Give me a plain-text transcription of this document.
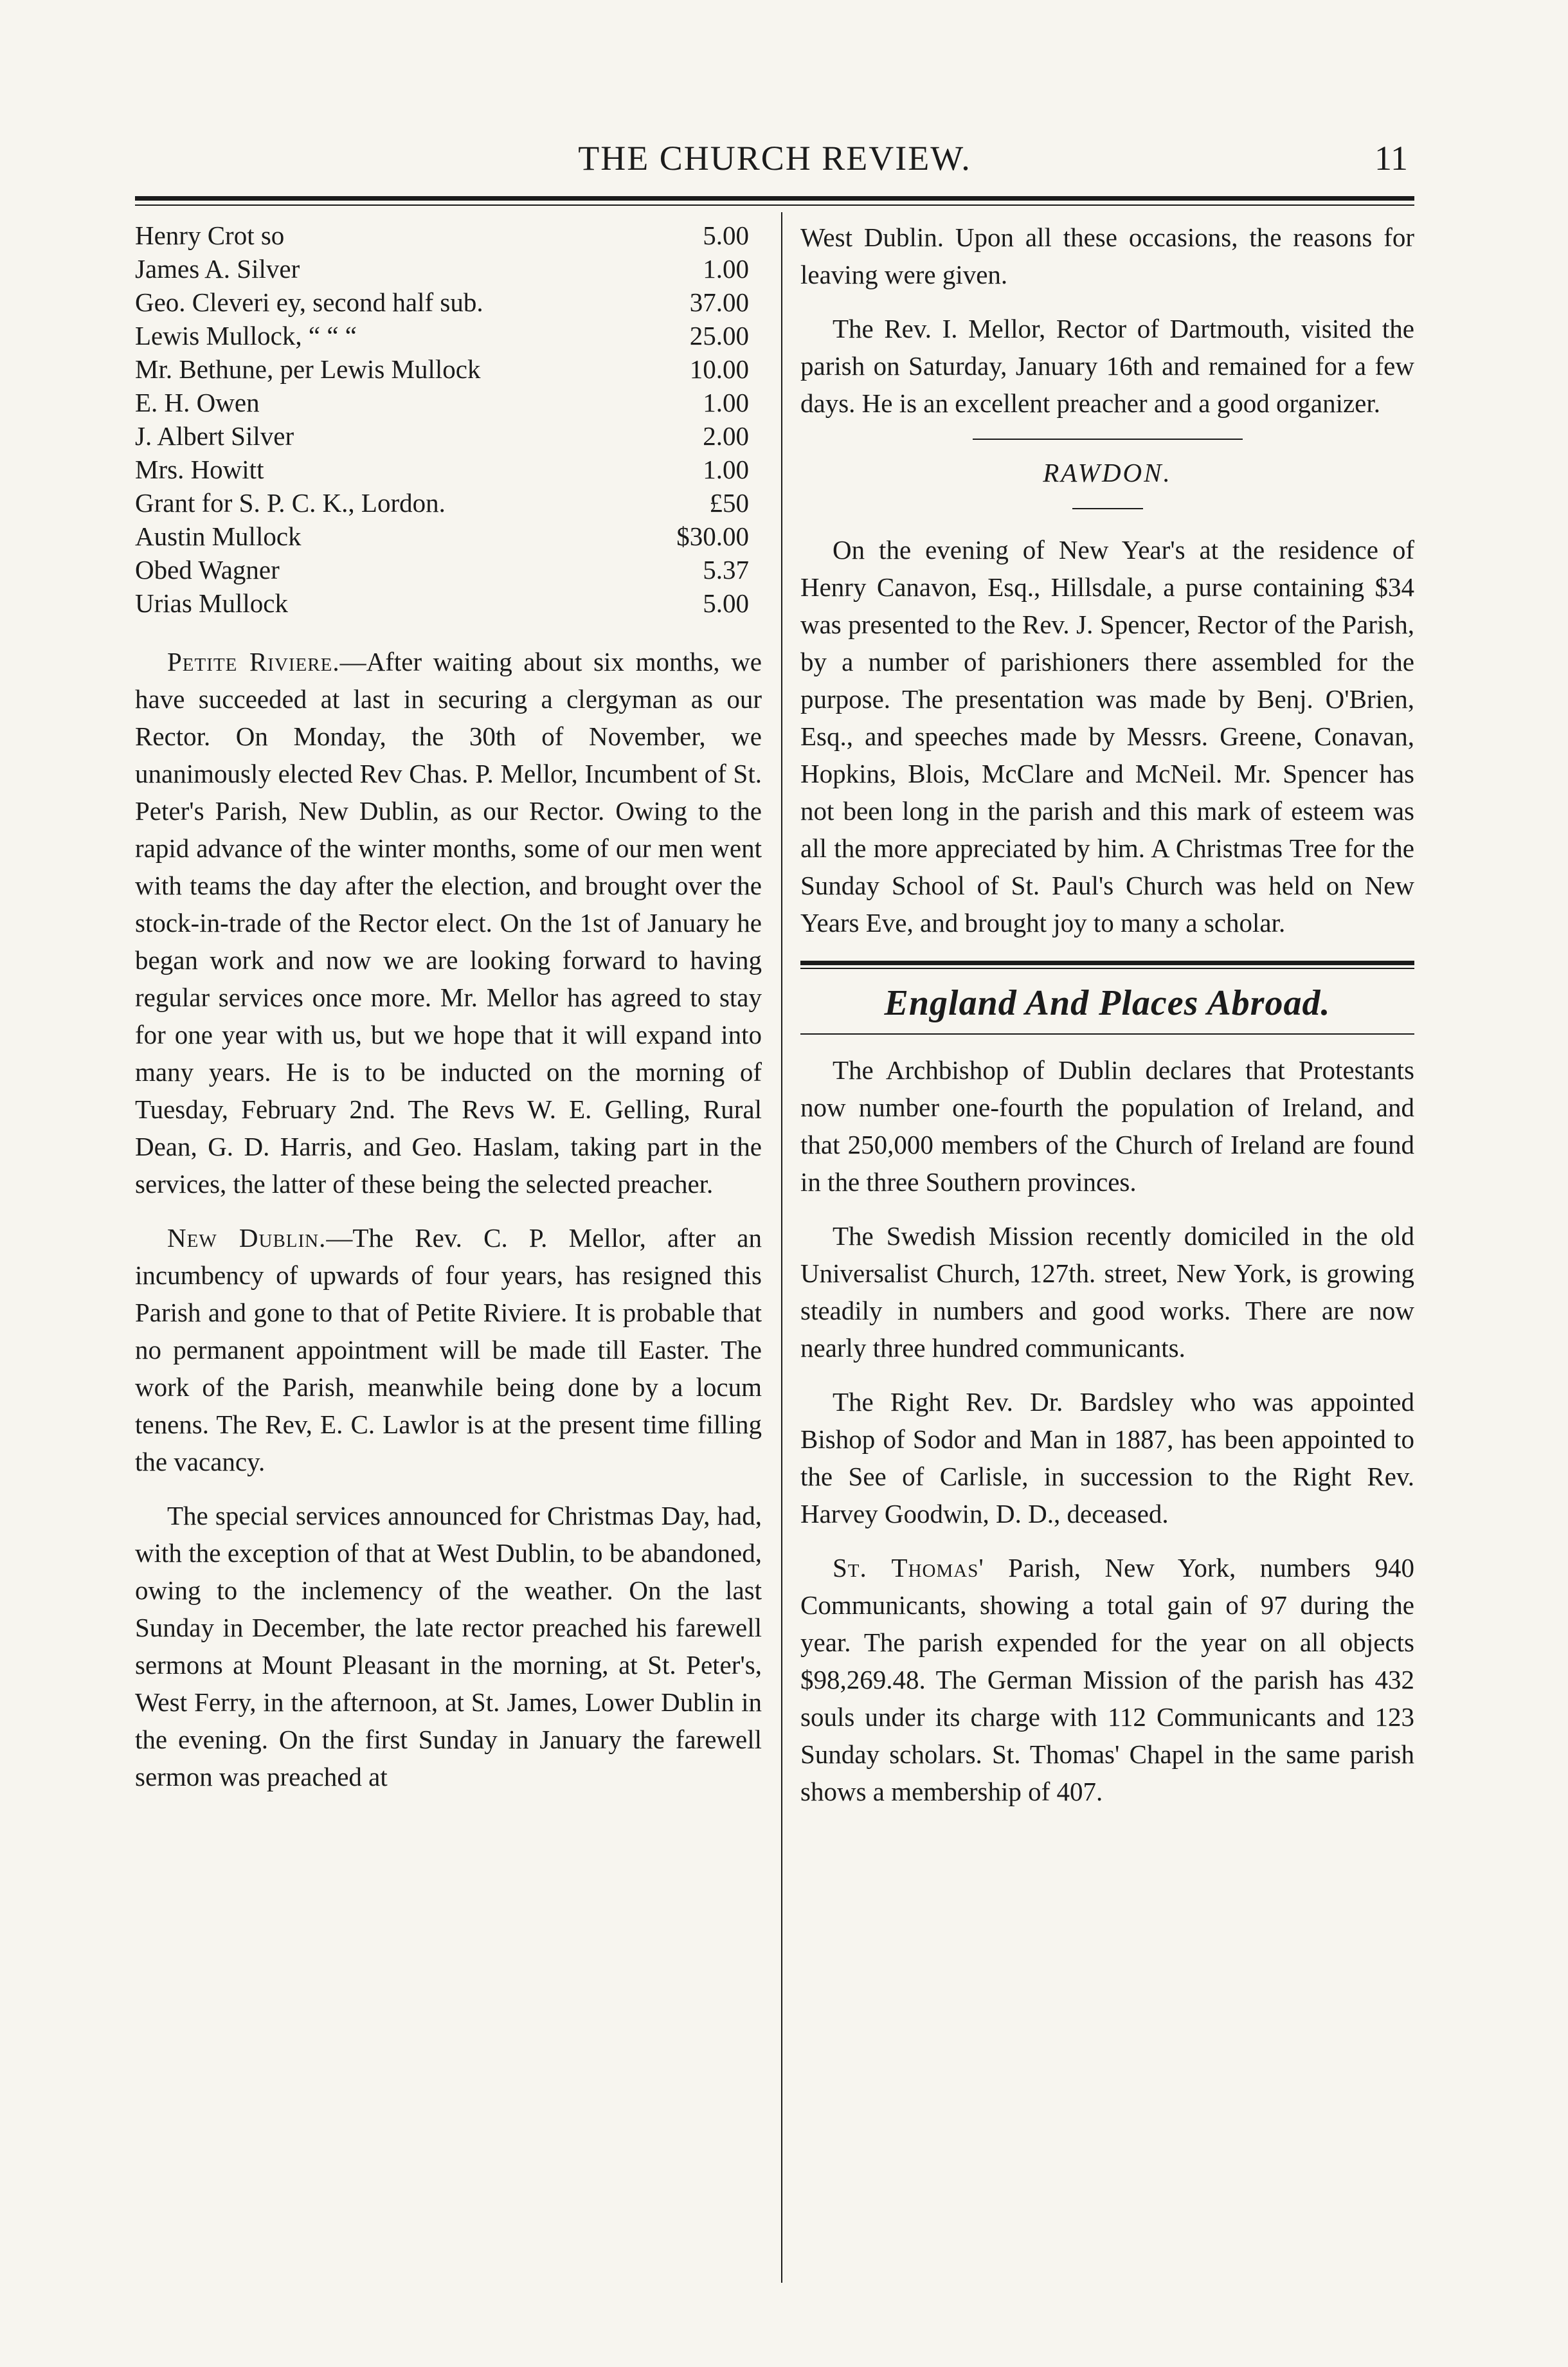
THE CHURCH REVIEW.	11
Henry Crot so	5.00
James A. Silver	1.00
Geo. Cleveri ey, second half sub.	37.00
Lewis Mullock, “ “ “	25.00
Mr. Bethune, per Lewis Mullock	10.00
E. H. Owen	1.00
J. Albert Silver	2.00
Mrs. Howitt	1.00
Grant for S. P. C. K., Lordon.	£50
Austin Mullock	$30.00
Obed Wagner	5.37
Urias Mullock	5.00

Petite Riviere.—After waiting about six months, we have succeeded at last in securing a clergyman as our Rector. On Monday, the 30th of November, we unanimously elected Rev Chas. P. Mellor, Incumbent of St. Peter's Parish, New Dublin, as our Rector. Owing to the rapid advance of the winter months, some of our men went with teams the day after the election, and brought over the stock-in-trade of the Rector elect. On the 1st of January he began work and now we are looking forward to having regular services once more. Mr. Mellor has agreed to stay for one year with us, but we hope that it will expand into many years. He is to be inducted on the morning of Tuesday, February 2nd. The Revs W. E. Gelling, Rural Dean, G. D. Harris, and Geo. Haslam, taking part in the services, the latter of these being the selected preacher.

New Dublin.—The Rev. C. P. Mellor, after an incumbency of upwards of four years, has resigned this Parish and gone to that of Petite Riviere. It is probable that no permanent appointment will be made till Easter. The work of the Parish, meanwhile being done by a locum tenens. The Rev, E. C. Lawlor is at the present time filling the vacancy.

The special services announced for Christmas Day, had, with the exception of that at West Dublin, to be abandoned, owing to the inclemency of the weather. On the last Sunday in December, the late rector preached his farewell sermons at Mount Pleasant in the morning, at St. Peter's, West Ferry, in the afternoon, at St. James, Lower Dublin in the evening. On the first Sunday in January the farewell sermon was preached at

West Dublin. Upon all these occasions, the reasons for leaving were given.

The Rev. I. Mellor, Rector of Dartmouth, visited the parish on Saturday, January 16th and remained for a few days. He is an excellent preacher and a good organizer.

RAWDON.

On the evening of New Year's at the residence of Henry Canavon, Esq., Hillsdale, a purse containing $34 was presented to the Rev. J. Spencer, Rector of the Parish, by a number of parishioners there assembled for the purpose. The presentation was made by Benj. O'Brien, Esq., and speeches made by Messrs. Greene, Conavan, Hopkins, Blois, McClare and McNeil. Mr. Spencer has not been long in the parish and this mark of esteem was all the more appreciated by him. A Christmas Tree for the Sunday School of St. Paul's Church was held on New Years Eve, and brought joy to many a scholar.

England And Places Abroad.

The Archbishop of Dublin declares that Protestants now number one-fourth the population of Ireland, and that 250,000 members of the Church of Ireland are found in the three Southern provinces.

The Swedish Mission recently domiciled in the old Universalist Church, 127th. street, New York, is growing steadily in numbers and good works. There are now nearly three hundred communicants.

The Right Rev. Dr. Bardsley who was appointed Bishop of Sodor and Man in 1887, has been appointed to the See of Carlisle, in succession to the Right Rev. Harvey Goodwin, D. D., deceased.

St. Thomas' Parish, New York, numbers 940 Communicants, showing a total gain of 97 during the year. The parish expended for the year on all objects $98,269.48. The German Mission of the parish has 432 souls under its charge with 112 Communicants and 123 Sunday scholars. St. Thomas' Chapel in the same parish shows a membership of 407.
